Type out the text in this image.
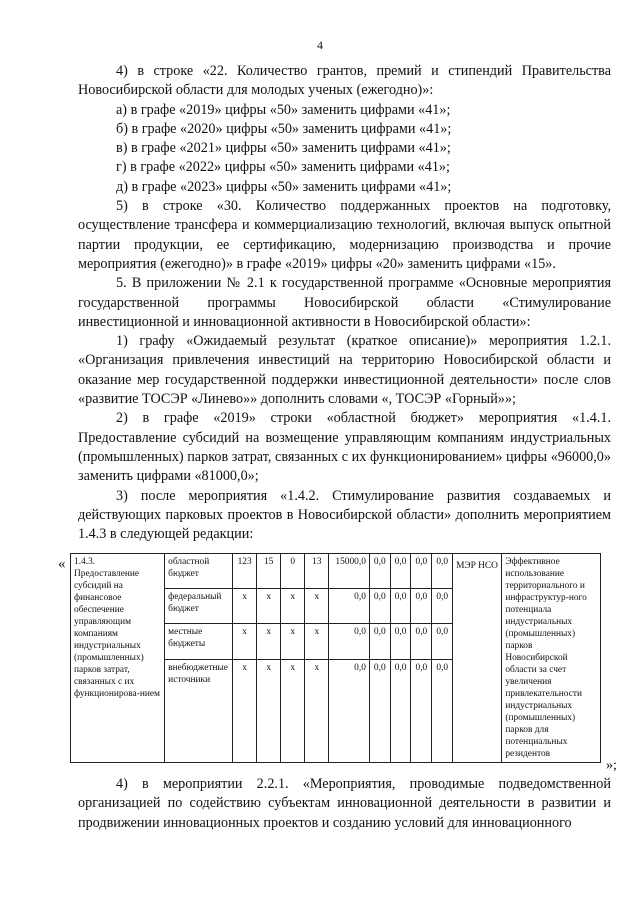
4

4) в строке «22. Количество грантов, премий и стипендий Правительства Новосибирской области для молодых ученых (ежегодно)»:

а) в графе «2019» цифры «50» заменить цифрами «41»;

б) в графе «2020» цифры «50» заменить цифрами «41»;

в) в графе «2021» цифры «50» заменить цифрами «41»;

г) в графе «2022» цифры «50» заменить цифрами «41»;

д) в графе «2023» цифры «50» заменить цифрами «41»;

5) в строке «30. Количество поддержанных проектов на подготовку, осуществление трансфера и коммерциализацию технологий, включая выпуск опытной партии продукции, ее сертификацию, модернизацию производства и прочие мероприятия (ежегодно)» в графе «2019» цифры «20» заменить цифрами «15».

5. В приложении № 2.1 к государственной программе «Основные мероприятия государственной программы Новосибирской области «Стимулирование инвестиционной и инновационной активности в Новосибирской области»:

1) графу «Ожидаемый результат (краткое описание)» мероприятия 1.2.1. «Организация привлечения инвестиций на территорию Новосибирской области и оказание мер государственной поддержки инвестиционной деятельности» после слов «развитие ТОСЭР «Линево»» дополнить словами «, ТОСЭР «Горный»»;

2) в графе «2019» строки «областной бюджет» мероприятия «1.4.1. Предоставление субсидий на возмещение управляющим компаниям индустриальных (промышленных) парков затрат, связанных с их функционированием» цифры «96000,0» заменить цифрами «81000,0»;

3) после мероприятия «1.4.2. Стимулирование развития создаваемых и действующих парковых проектов в Новосибирской области» дополнить мероприятием 1.4.3 в следующей редакции:

« 1.4.3. Предоставление субсидий на финансовое обеспечение управляющим компаниям индустриальных (промышленных) парков затрат, связанных с их функционирова-нием	областной бюджет	123	15	0	13	15000,0	0,0	0,0	0,0	0,0	МЭР НСО	Эффективное использование территориального и инфраструктур-ного потенциала индустриальных (промышленных) парков Новосибирской области за счет увеличения привлекательности индустриальных (промышленных) парков для потенциальных резидентов
	федеральный бюджет	x	x	x	x	0,0	0,0	0,0	0,0	0,0		
	местные бюджеты	x	x	x	x	0,0	0,0	0,0	0,0	0,0		
	внебюджетные источники	x	x	x	x	0,0	0,0	0,0	0,0	0,0		
»;

4) в мероприятии 2.2.1. «Мероприятия, проводимые подведомственной организацией по содействию субъектам инновационной деятельности в развитии и продвижении инновационных проектов и созданию условий для инновационного
